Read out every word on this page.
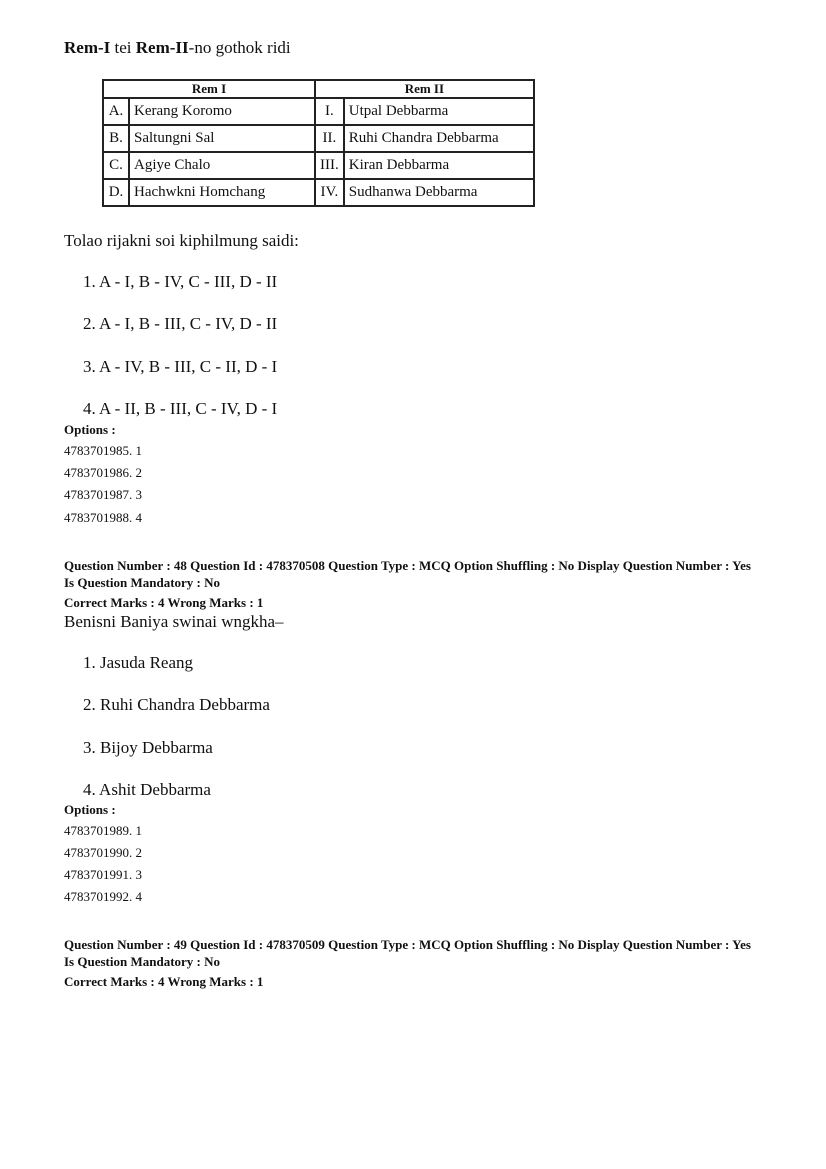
Rem-I tei Rem-II-no gothok ridi
Rem I		Rem II	
A.	Kerang Koromo	I.	Utpal Debbarma
B.	Saltungni Sal	II.	Ruhi Chandra Debbarma
C.	Agiye Chalo	III.	Kiran Debbarma
D.	Hachwkni Homchang	IV.	Sudhanwa Debbarma
Tolao rijakni soi kiphilmung saidi:
1. A - I, B - IV, C - III, D - II
2. A - I, B - III, C - IV, D - II
3. A - IV, B - III, C - II, D - I
4. A - II, B - III, C - IV, D - I
Options :
4783701985. 1
4783701986. 2
4783701987. 3
4783701988. 4
Question Number : 48 Question Id : 478370508 Question Type : MCQ Option Shuffling : No Display Question Number : Yes Is Question Mandatory : No
Correct Marks : 4 Wrong Marks : 1
Benisni Baniya swinai wngkha–
1. Jasuda Reang
2. Ruhi Chandra Debbarma
3. Bijoy Debbarma
4. Ashit Debbarma
Options :
4783701989. 1
4783701990. 2
4783701991. 3
4783701992. 4
Question Number : 49 Question Id : 478370509 Question Type : MCQ Option Shuffling : No Display Question Number : Yes Is Question Mandatory : No
Correct Marks : 4 Wrong Marks : 1
